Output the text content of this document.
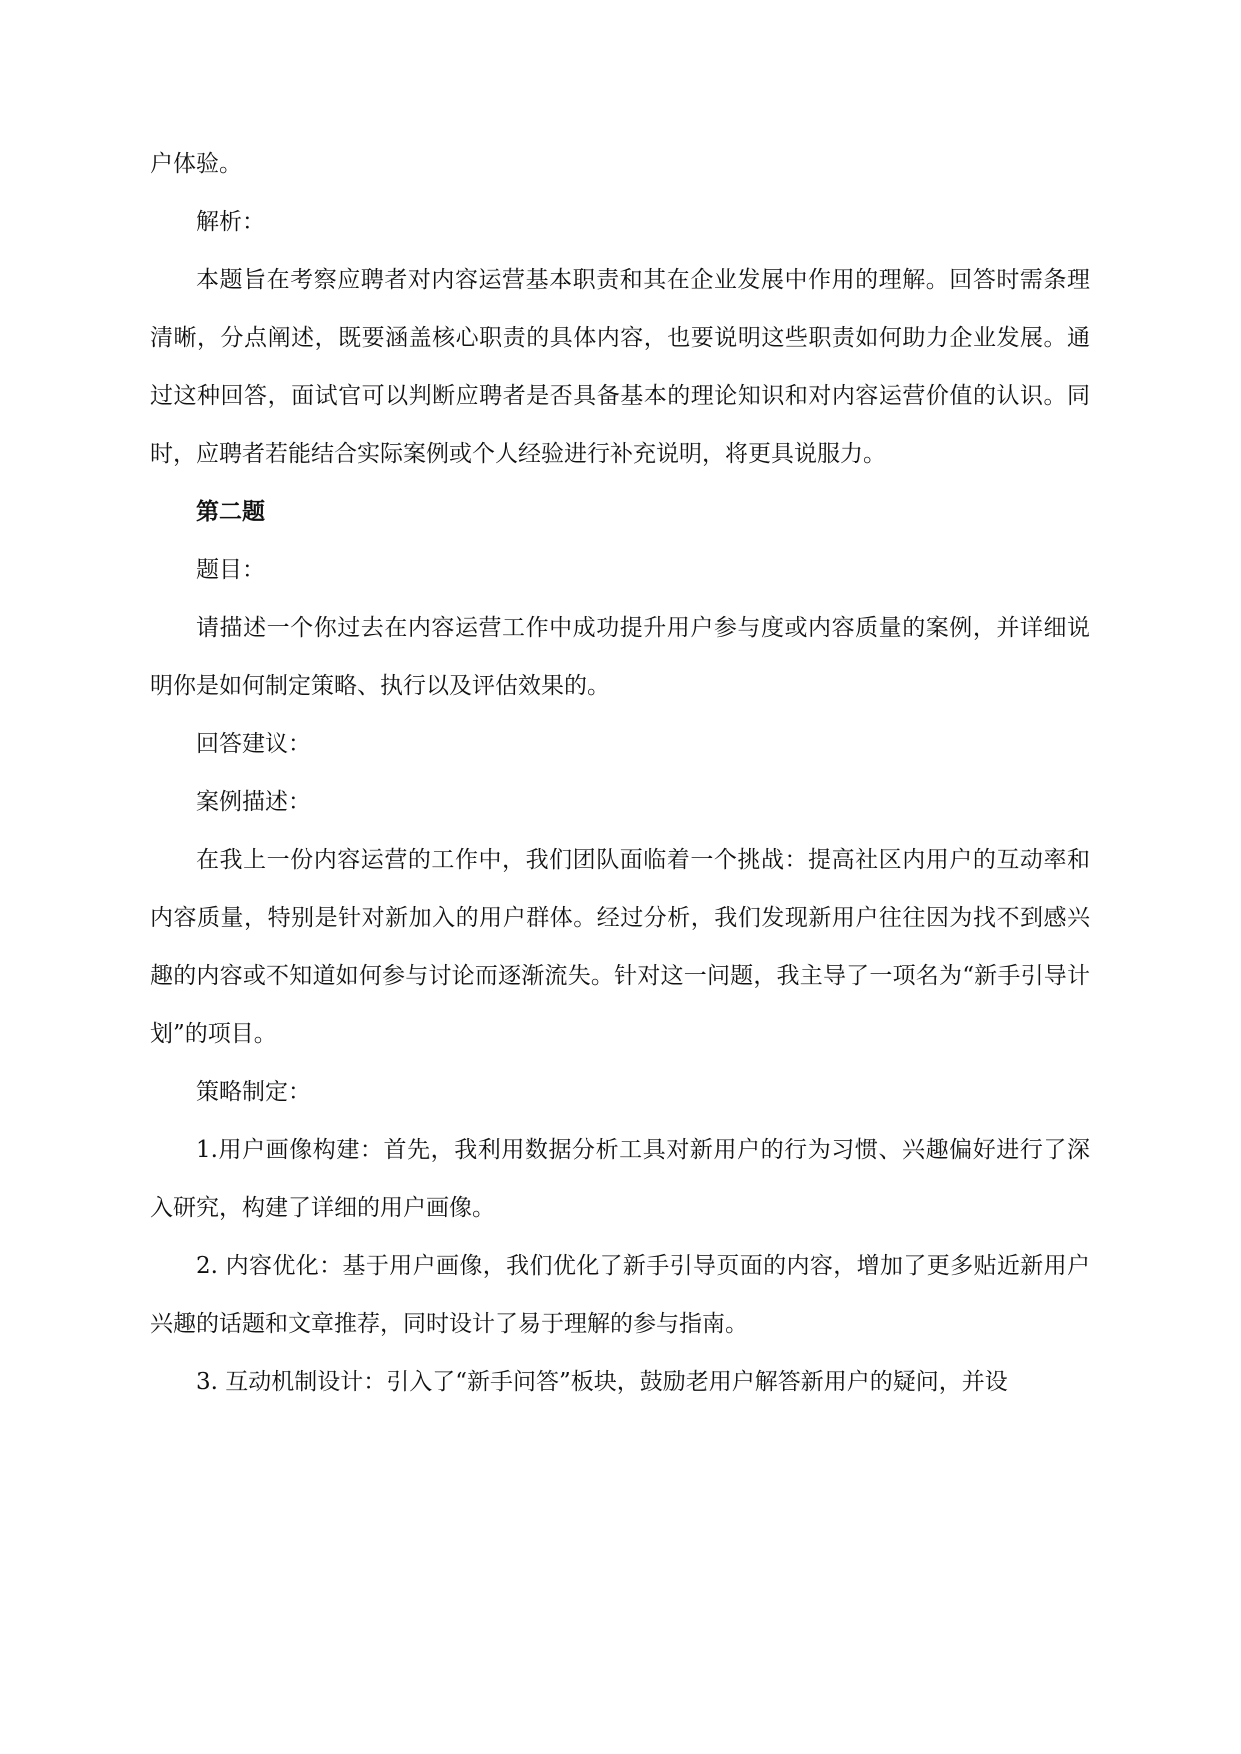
户体验。

解析：

本题旨在考察应聘者对内容运营基本职责和其在企业发展中作用的理解。回答时需条理清晰，分点阐述，既要涵盖核心职责的具体内容，也要说明这些职责如何助力企业发展。通过这种回答，面试官可以判断应聘者是否具备基本的理论知识和对内容运营价值的认识。同时，应聘者若能结合实际案例或个人经验进行补充说明，将更具说服力。

第二题

题目：

请描述一个你过去在内容运营工作中成功提升用户参与度或内容质量的案例，并详细说明你是如何制定策略、执行以及评估效果的。

回答建议：

案例描述：

在我上一份内容运营的工作中，我们团队面临着一个挑战：提高社区内用户的互动率和内容质量，特别是针对新加入的用户群体。经过分析，我们发现新用户往往因为找不到感兴趣的内容或不知道如何参与讨论而逐渐流失。针对这一问题，我主导了一项名为“新手引导计划”的项目。

策略制定：

1.用户画像构建：首先，我利用数据分析工具对新用户的行为习惯、兴趣偏好进行了深入研究，构建了详细的用户画像。

2. 内容优化：基于用户画像，我们优化了新手引导页面的内容，增加了更多贴近新用户兴趣的话题和文章推荐，同时设计了易于理解的参与指南。

3. 互动机制设计：引入了“新手问答”板块，鼓励老用户解答新用户的疑问，并设
